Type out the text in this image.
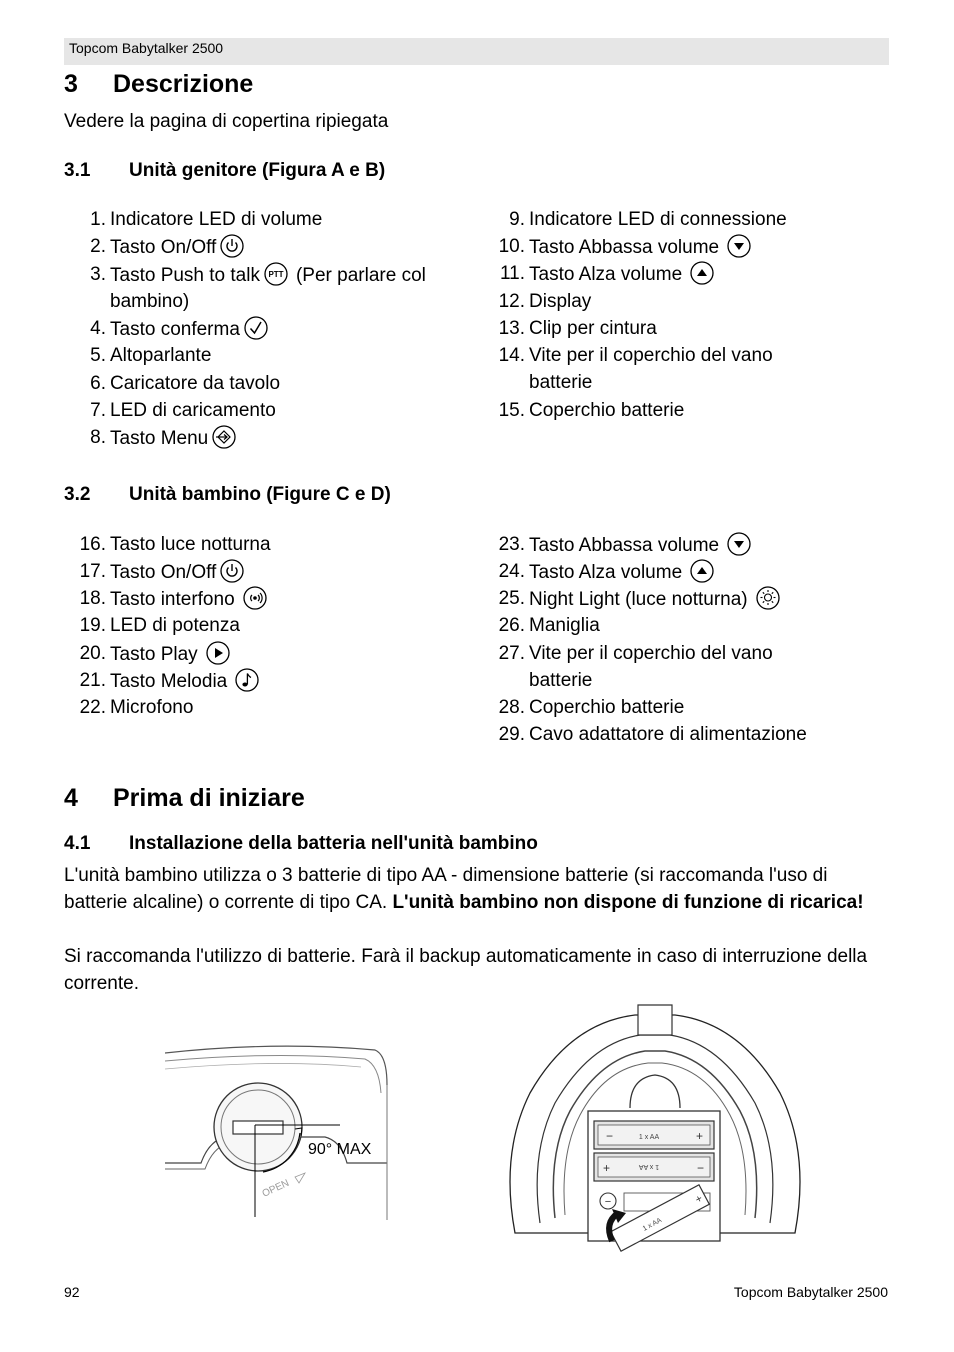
Topcom Babytalker 2500
3 Descrizione
Vedere la pagina di copertina ripiegata
3.1 Unità genitore (Figura A e B)
1. Indicatore LED di volume
2. Tasto On/Off
3. Tasto Push to talk PTT (Per parlare col
bambino)
4. Tasto conferma
5. Altoparlante
6. Caricatore da tavolo
7. LED di caricamento
8. Tasto Menu
9. Indicatore LED di connessione
10. Tasto Abbassa volume
11. Tasto Alza volume
12. Display
13. Clip per cintura
14. Vite per il coperchio del vano
batterie
15. Coperchio batterie
3.2 Unità bambino (Figure C e D)
16. Tasto luce notturna
17. Tasto On/Off
18. Tasto interfono
19. LED di potenza
20. Tasto Play
21. Tasto Melodia
22. Microfono
23. Tasto Abbassa volume
24. Tasto Alza volume
25. Night Light (luce notturna)
26. Maniglia
27. Vite per il coperchio del vano
batterie
28. Coperchio batterie
29. Cavo adattatore di alimentazione
4 Prima di iniziare
4.1 Installazione della batteria nell'unità bambino
L'unità bambino utilizza o 3 batterie di tipo AA - dimensione batterie (si raccomanda l'uso di batterie alcaline) o corrente di tipo CA. L'unità bambino non dispone di funzione di ricarica!
Si raccomanda l'utilizzo di batterie. Farà il backup automaticamente in caso di interruzione della corrente.
90° MAX
OPEN
−	+
1 x AA
+	−
1 x AA
−	+
1 x AA
92	Topcom Babytalker 2500
